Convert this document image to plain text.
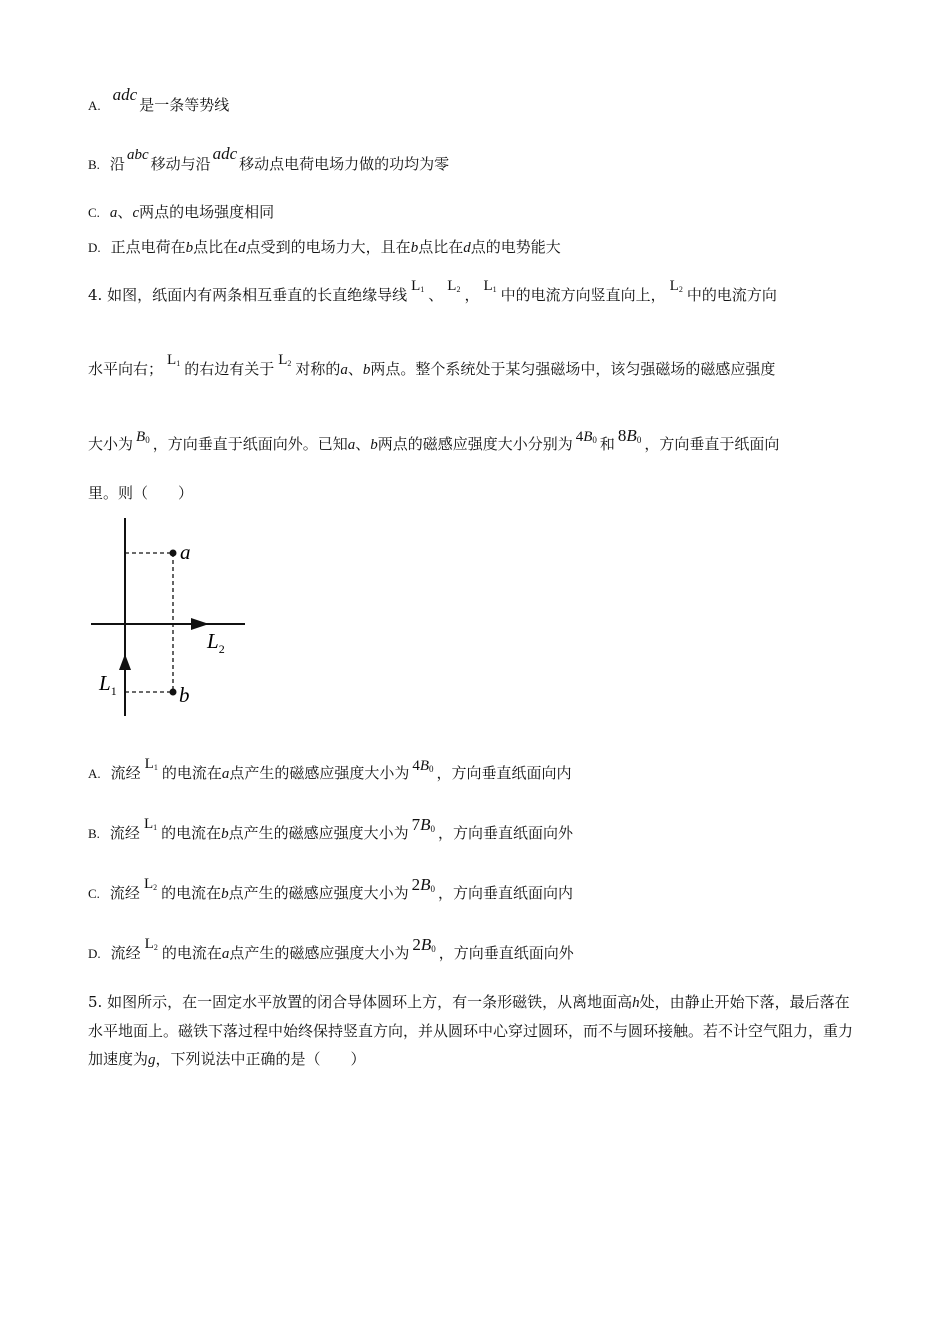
A.adc是一条等势线
B. 沿 abc 移动与沿adc移动点电荷电场力做的功均为零
C. a、c两点的电场强度相同
D. 正点电荷在b点比在d点受到的电场力大，且在b点比在d点的电势能大
4. 如图，纸面内有两条相互垂直的长直绝缘导线 $L_1$ 、 $L_2$ ， $L_1$ 中的电流方向竖直向上， $L_2$ 中的电流方向
水平向右； $L_1$ 的右边有关于 $L_2$ 对称的a、b两点。整个系统处于某匀强磁场中，该匀强磁场的磁感应强度
大小为 $B_0$ ，方向垂直于纸面向外。已知a、b两点的磁感应强度大小分别为 $4B_0$ 和 $8B_0$ ，方向垂直于纸面向
里。则（　　）
a
b
$L_2$
$L_1$
A. 流经 $L_1$ 的电流在a点产生的磁感应强度大小为 $4B_0$ ，方向垂直纸面向内
B. 流经 $L_1$ 的电流在b点产生的磁感应强度大小为 $7B_0$ ，方向垂直纸面向外
C. 流经 $L_2$ 的电流在b点产生的磁感应强度大小为 $2B_0$ ，方向垂直纸面向内
D. 流经 $L_2$ 的电流在a点产生的磁感应强度大小为 $2B_0$ ，方向垂直纸面向外
5. 如图所示，在一固定水平放置的闭合导体圆环上方，有一条形磁铁，从离地面高h处，由静止开始下落，最后落在水平地面上。磁铁下落过程中始终保持竖直方向，并从圆环中心穿过圆环，而不与圆环接触。若不计空气阻力，重力加速度为g，下列说法中正确的是（　　）
